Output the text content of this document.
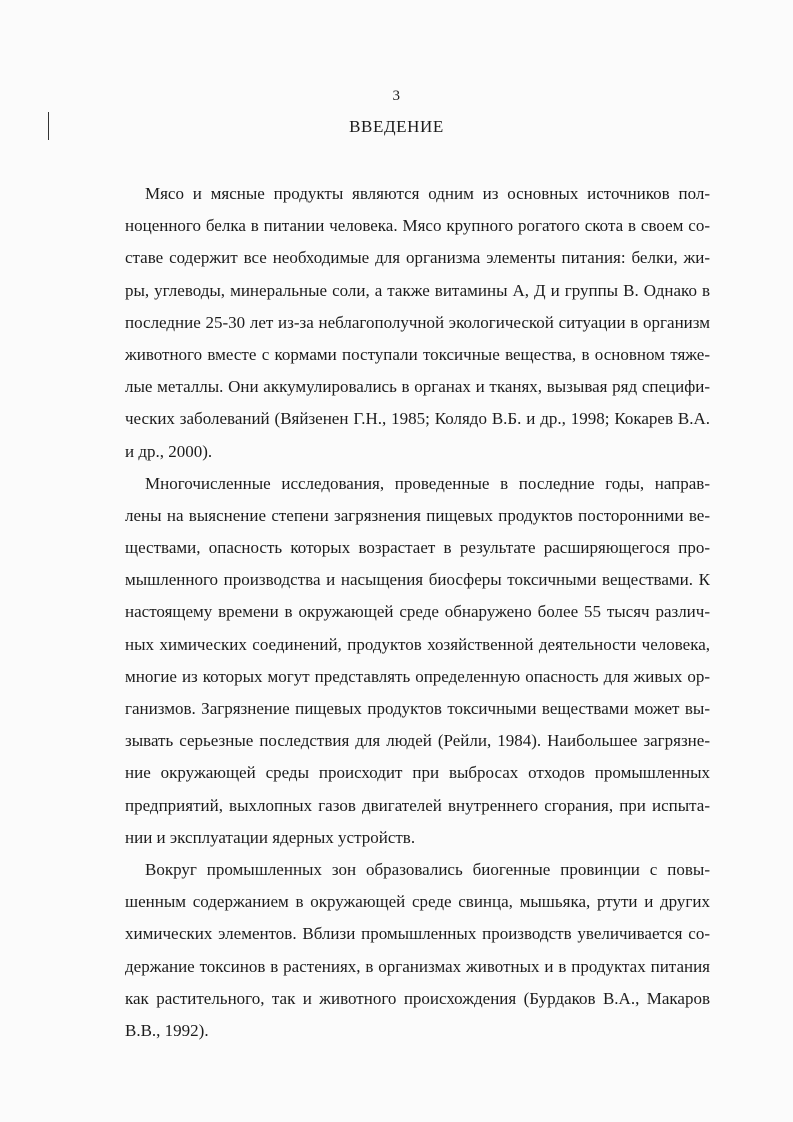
3
ВВЕДЕНИЕ
Мясо и мясные продукты являются одним из основных источников пол-
ноценного белка в питании человека. Мясо крупного рогатого скота в своем со-
ставе содержит все необходимые для организма элементы питания: белки, жи-
ры, углеводы, минеральные соли, а также витамины А, Д и группы В. Однако в
последние 25-30 лет из-за неблагополучной экологической ситуации в организм
животного вместе с кормами поступали токсичные вещества, в основном тяже-
лые металлы. Они аккумулировались в органах и тканях, вызывая ряд специфи-
ческих заболеваний (Вяйзенен Г.Н., 1985; Колядо В.Б. и др., 1998; Кокарев В.А.
и др., 2000).
Многочисленные исследования, проведенные в последние годы, направ-
лены на выяснение степени загрязнения пищевых продуктов посторонними ве-
ществами, опасность которых возрастает в результате расширяющегося про-
мышленного производства и насыщения биосферы токсичными веществами. К
настоящему времени в окружающей среде обнаружено более 55 тысяч различ-
ных химических соединений, продуктов хозяйственной деятельности человека,
многие из которых могут представлять определенную опасность для живых ор-
ганизмов. Загрязнение пищевых продуктов токсичными веществами может вы-
зывать серьезные последствия для людей (Рейли, 1984). Наибольшее загрязне-
ние окружающей среды происходит при выбросах отходов промышленных
предприятий, выхлопных газов двигателей внутреннего сгорания, при испыта-
нии и эксплуатации ядерных устройств.
Вокруг промышленных зон образовались биогенные провинции с повы-
шенным содержанием в окружающей среде свинца, мышьяка, ртути и других
химических элементов. Вблизи промышленных производств увеличивается со-
держание токсинов в растениях, в организмах животных и в продуктах питания
как растительного, так и животного происхождения (Бурдаков В.А., Макаров
В.В., 1992).
